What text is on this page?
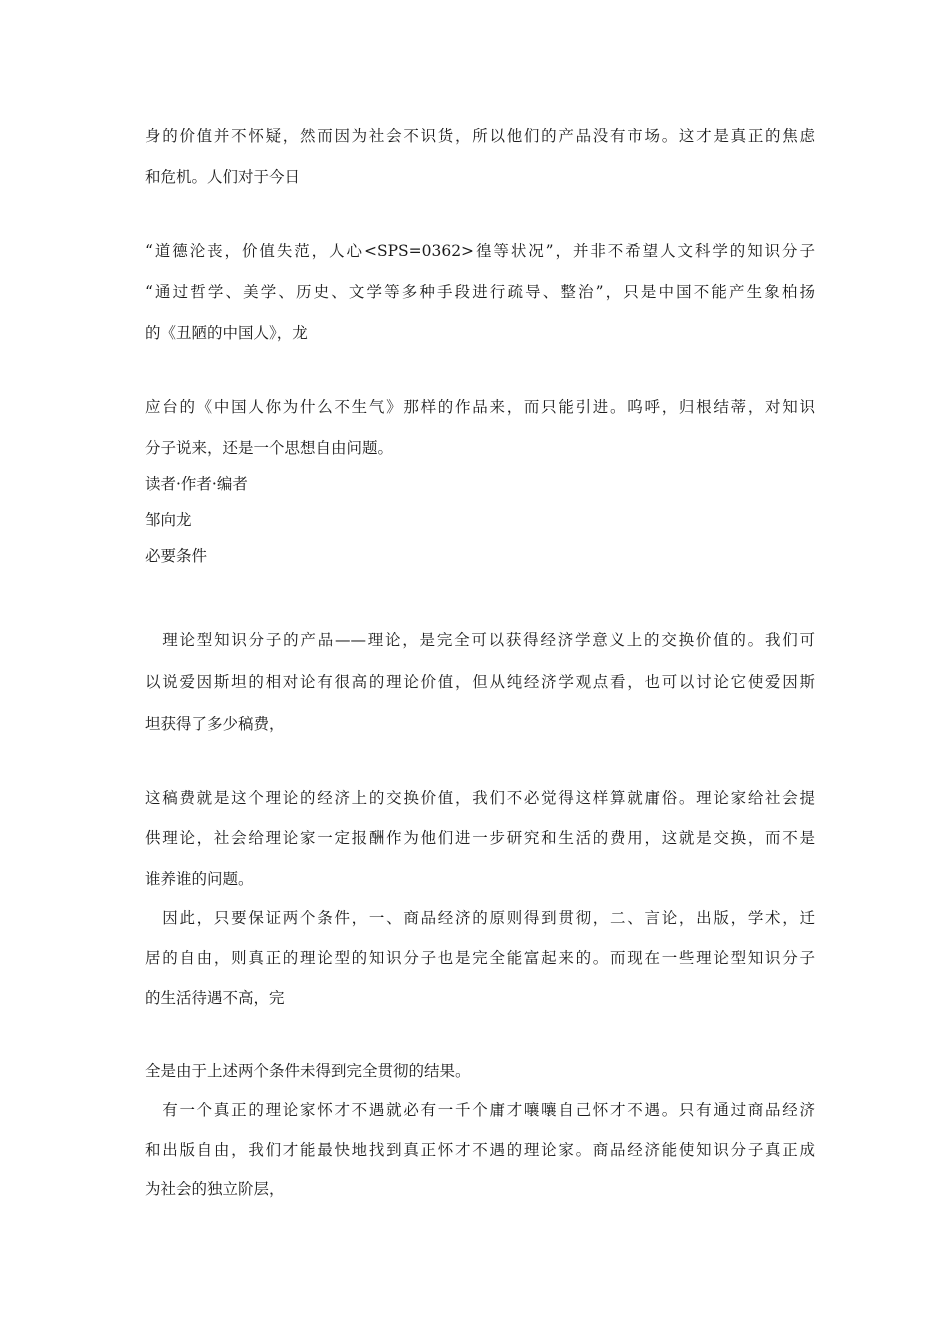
身的价值并不怀疑，然而因为社会不识货，所以他们的产品没有市场。这才是真正的焦虑
和危机。人们对于今日
“道德沦丧，价值失范，人心<SPS=0362>徨等状况”，并非不希望人文科学的知识分子
“通过哲学、美学、历史、文学等多种手段进行疏导、整治”，只是中国不能产生象柏扬
的《丑陋的中国人》，龙
应台的《中国人你为什么不生气》那样的作品来，而只能引进。呜呼，归根结蒂，对知识
分子说来，还是一个思想自由问题。
读者·作者·编者
邹向龙
必要条件
　理论型知识分子的产品——理论，是完全可以获得经济学意义上的交换价值的。我们可
以说爱因斯坦的相对论有很高的理论价值，但从纯经济学观点看，也可以讨论它使爱因斯
坦获得了多少稿费，
这稿费就是这个理论的经济上的交换价值，我们不必觉得这样算就庸俗。理论家给社会提
供理论，社会给理论家一定报酬作为他们进一步研究和生活的费用，这就是交换，而不是
谁养谁的问题。
　因此，只要保证两个条件，一、商品经济的原则得到贯彻，二、言论，出版，学术，迁
居的自由，则真正的理论型的知识分子也是完全能富起来的。而现在一些理论型知识分子
的生活待遇不高，完
全是由于上述两个条件未得到完全贯彻的结果。
　有一个真正的理论家怀才不遇就必有一千个庸才嚷嚷自己怀才不遇。只有通过商品经济
和出版自由，我们才能最快地找到真正怀才不遇的理论家。商品经济能使知识分子真正成
为社会的独立阶层，
